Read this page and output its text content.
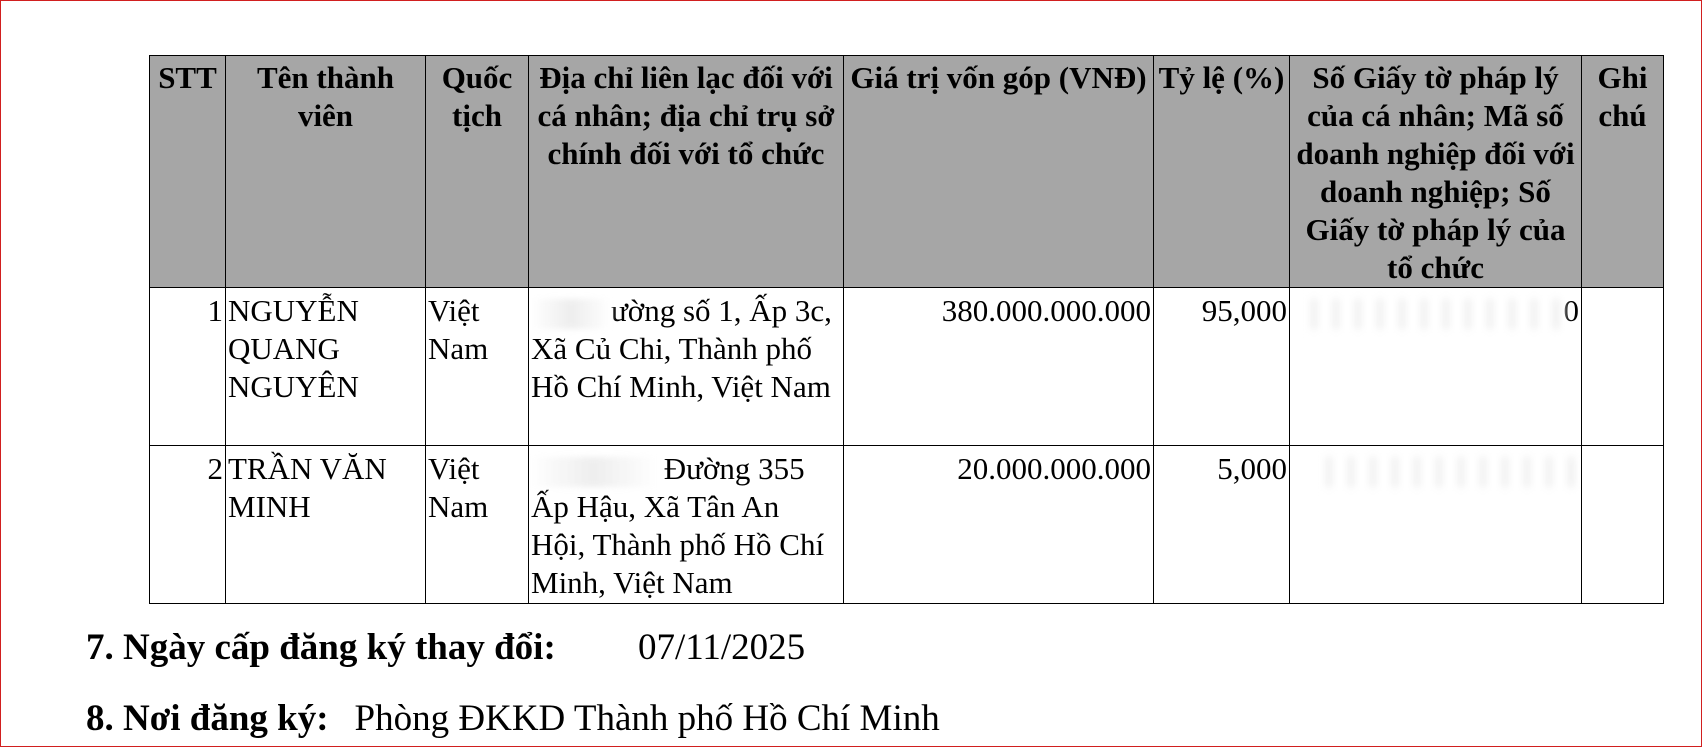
STT	Tên thành viên	Quốc tịch	Địa chỉ liên lạc đối với cá nhân; địa chỉ trụ sở chính đối với tổ chức	Giá trị vốn góp (VNĐ)	Tỷ lệ (%)	Số Giấy tờ pháp lý của cá nhân; Mã số doanh nghiệp đối với doanh nghiệp; Số Giấy tờ pháp lý của tổ chức	Ghi chú
1	NGUYỄN QUANG NGUYÊN	Việt Nam	ường số 1, Ấp 3c, Xã Củ Chi, Thành phố Hồ Chí Minh, Việt Nam	380.000.000.000	95,000	0	
2	TRẦN VĂN MINH	Việt Nam	Đường 355 Ấp Hậu, Xã Tân An Hội, Thành phố Hồ Chí Minh, Việt Nam	20.000.000.000	5,000		
7. Ngày cấp đăng ký thay đổi: 07/11/2025
8. Nơi đăng ký: Phòng ĐKKD Thành phố Hồ Chí Minh
